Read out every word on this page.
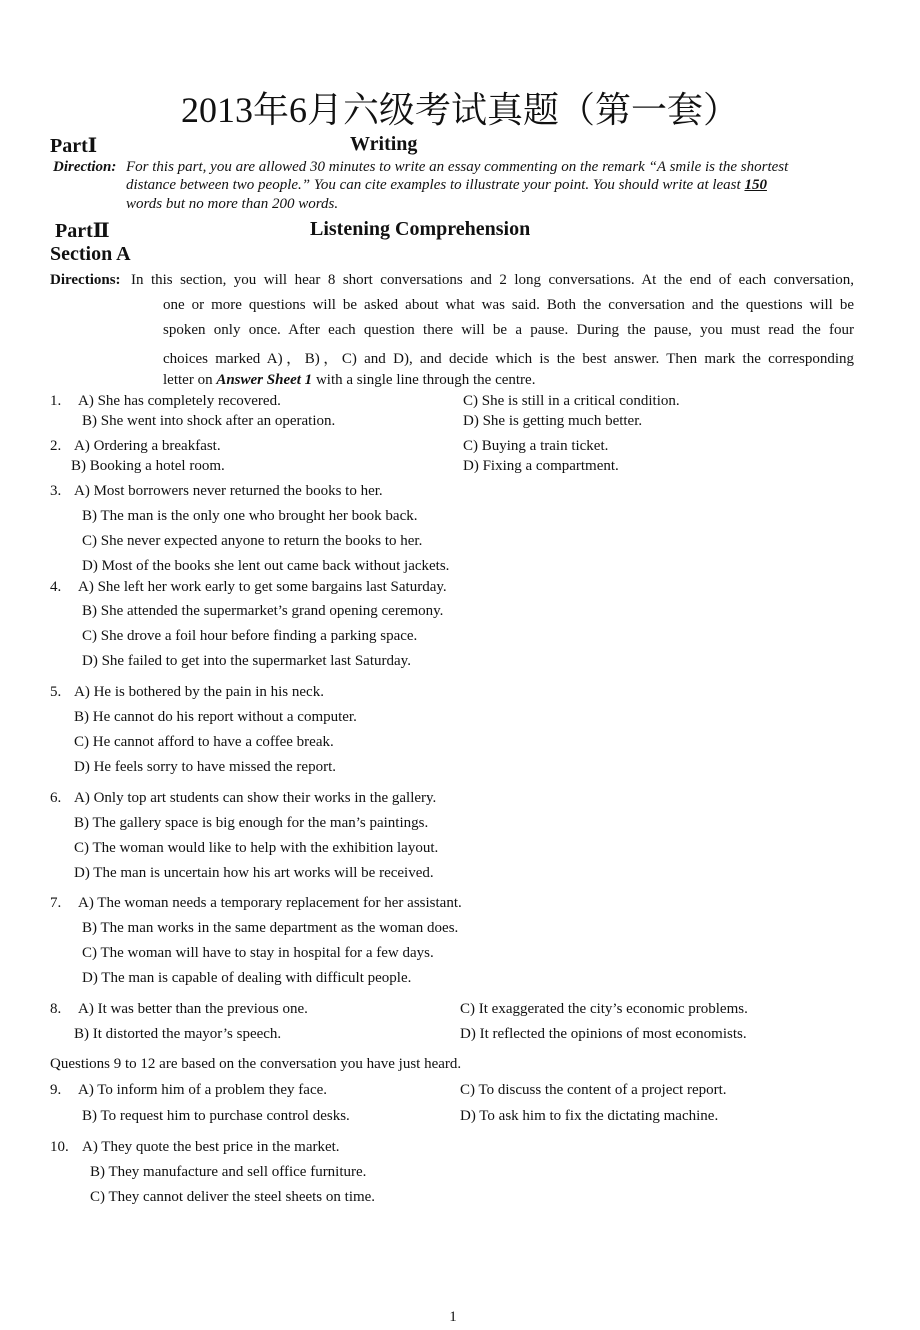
2013年6月六级考试真题（第一套）
PartⅠ	Writing
Direction: For this part, you are allowed 30 minutes to write an essay commenting on the remark “A smile is the shortest
distance between two people.” You can cite examples to illustrate your point. You should write at least 150
words but no more than 200 words.
PartⅡ	Listening Comprehension
Section A
Directions: In this section, you will hear 8 short conversations and 2 long conversations. At the end of each conversation,
one or more questions will be asked about what was said. Both the conversation and the questions will be
spoken only once. After each question there will be a pause. During the pause, you must read the four
choices marked A)，B)，C) and D), and decide which is the best answer. Then mark the corresponding
letter on Answer Sheet 1 with a single line through the centre.
1. A) She has completely recovered.	C) She is still in a critical condition.
B) She went into shock after an operation.	D) She is getting much better.
2. A) Ordering a breakfast.	C) Buying a train ticket.
B) Booking a hotel room.	D) Fixing a compartment.
3. A) Most borrowers never returned the books to her.
B) The man is the only one who brought her book back.
C) She never expected anyone to return the books to her.
D) Most of the books she lent out came back without jackets.
4. A) She left her work early to get some bargains last Saturday.
B) She attended the supermarket’s grand opening ceremony.
C) She drove a foil hour before finding a parking space.
D) She failed to get into the supermarket last Saturday.
5. A) He is bothered by the pain in his neck.
B) He cannot do his report without a computer.
C) He cannot afford to have a coffee break.
D) He feels sorry to have missed the report.
6. A) Only top art students can show their works in the gallery.
B) The gallery space is big enough for the man’s paintings.
C) The woman would like to help with the exhibition layout.
D) The man is uncertain how his art works will be received.
7. A) The woman needs a temporary replacement for her assistant.
B) The man works in the same department as the woman does.
C) The woman will have to stay in hospital for a few days.
D) The man is capable of dealing with difficult people.
8. A) It was better than the previous one.	C) It exaggerated the city’s economic problems.
B) It distorted the mayor’s speech.	D) It reflected the opinions of most economists.
Questions 9 to 12 are based on the conversation you have just heard.
9. A) To inform him of a problem they face.	C) To discuss the content of a project report.
B) To request him to purchase control desks.	D) To ask him to fix the dictating machine.
10. A) They quote the best price in the market.
B) They manufacture and sell office furniture.
C) They cannot deliver the steel sheets on time.
1
